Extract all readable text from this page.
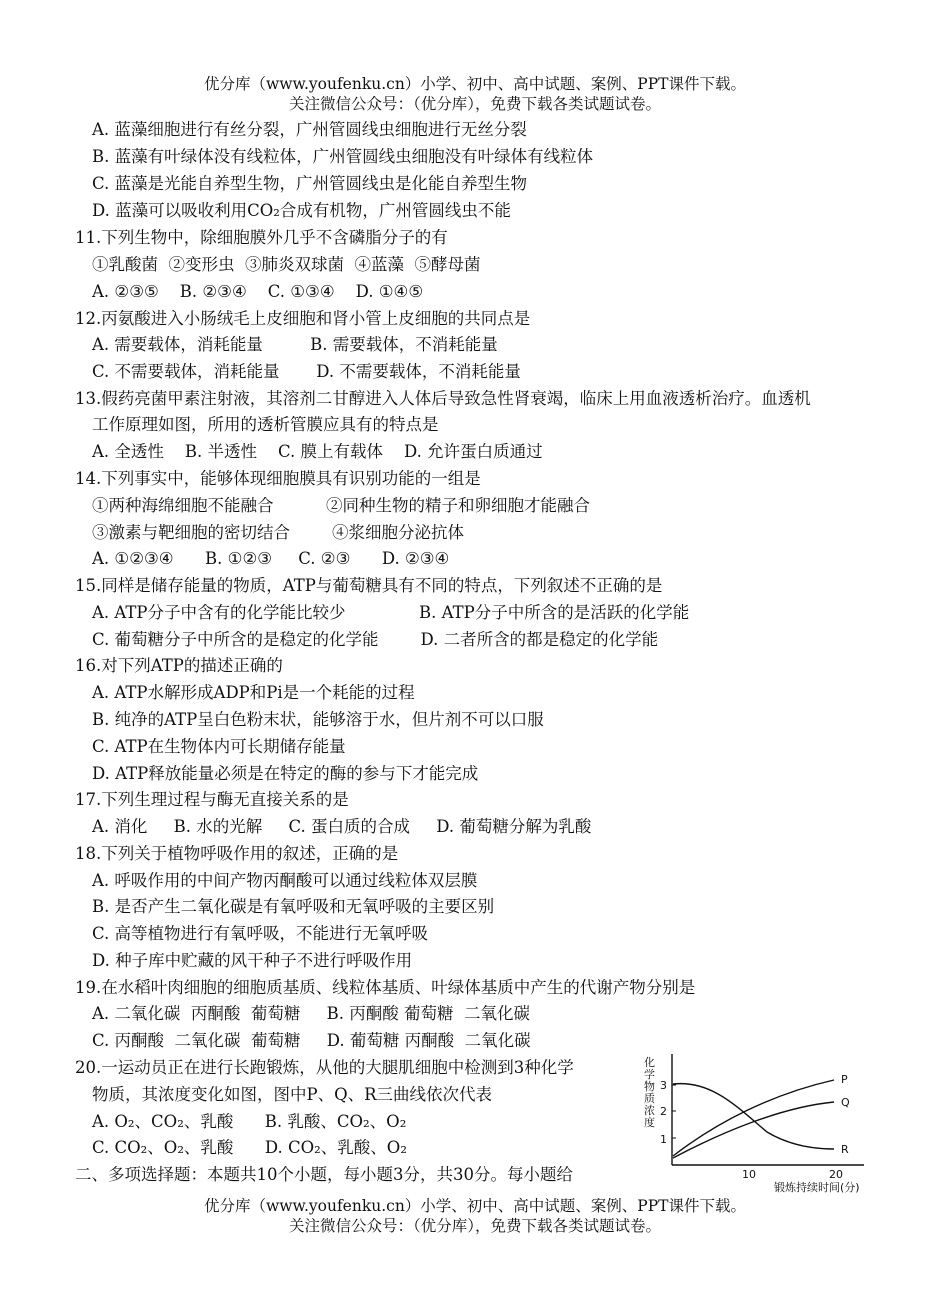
优分库（www.youfenku.cn）小学、初中、高中试题、案例、PPT课件下载。
关注微信公众号：（优分库），免费下载各类试题试卷。
A. 蓝藻细胞进行有丝分裂，广州管圆线虫细胞进行无丝分裂
B. 蓝藻有叶绿体没有线粒体，广州管圆线虫细胞没有叶绿体有线粒体
C. 蓝藻是光能自养型生物，广州管圆线虫是化能自养型生物
D. 蓝藻可以吸收利用CO₂合成有机物，广州管圆线虫不能
11.下列生物中，除细胞膜外几乎不含磷脂分子的有
①乳酸菌  ②变形虫  ③肺炎双球菌  ④蓝藻  ⑤酵母菌
A. ②③⑤    B. ②③④    C. ①③④    D. ①④⑤
12.丙氨酸进入小肠绒毛上皮细胞和肾小管上皮细胞的共同点是
A. 需要载体，消耗能量         B. 需要载体，不消耗能量
C. 不需要载体，消耗能量       D. 不需要载体，不消耗能量
13.假药亮菌甲素注射液，其溶剂二甘醇进入人体后导致急性肾衰竭，临床上用血液透析治疗。血透机
工作原理如图，所用的透析管膜应具有的特点是
A. 全透性    B. 半透性    C. 膜上有载体    D. 允许蛋白质通过
14.下列事实中，能够体现细胞膜具有识别功能的一组是
①两种海绵细胞不能融合          ②同种生物的精子和卵细胞才能融合
③激素与靶细胞的密切结合        ④浆细胞分泌抗体
A. ①②③④      B. ①②③     C. ②③      D. ②③④
15.同样是储存能量的物质，ATP与葡萄糖具有不同的特点，下列叙述不正确的是
A. ATP分子中含有的化学能比较少              B. ATP分子中所含的是活跃的化学能
C. 葡萄糖分子中所含的是稳定的化学能        D. 二者所含的都是稳定的化学能
16.对下列ATP的描述正确的
A. ATP水解形成ADP和Pi是一个耗能的过程
B. 纯净的ATP呈白色粉末状，能够溶于水，但片剂不可以口服
C. ATP在生物体内可长期储存能量
D. ATP释放能量必须是在特定的酶的参与下才能完成
17.下列生理过程与酶无直接关系的是
A. 消化     B. 水的光解     C. 蛋白质的合成     D. 葡萄糖分解为乳酸
18.下列关于植物呼吸作用的叙述，正确的是
A. 呼吸作用的中间产物丙酮酸可以通过线粒体双层膜
B. 是否产生二氧化碳是有氧呼吸和无氧呼吸的主要区别
C. 高等植物进行有氧呼吸，不能进行无氧呼吸
D. 种子库中贮藏的风干种子不进行呼吸作用
19.在水稻叶肉细胞的细胞质基质、线粒体基质、叶绿体基质中产生的代谢产物分别是
A. 二氧化碳  丙酮酸  葡萄糖     B. 丙酮酸 葡萄糖  二氧化碳
C. 丙酮酸  二氧化碳  葡萄糖     D. 葡萄糖 丙酮酸  二氧化碳
20.一运动员正在进行长跑锻炼，从他的大腿肌细胞中检测到3种化学
物质，其浓度变化如图，图中P、Q、R三曲线依次代表
A. O₂、CO₂、乳酸      B. 乳酸、CO₂、O₂
C. CO₂、O₂、乳酸      D. CO₂、乳酸、O₂
二、多项选择题：本题共10个小题，每小题3分，共30分。每小题给
化 学 物 质 浓 度
1
2
3
10	20
P
Q
R
锻炼持续时间(分)
优分库（www.youfenku.cn）小学、初中、高中试题、案例、PPT课件下载。
关注微信公众号：（优分库），免费下载各类试题试卷。
